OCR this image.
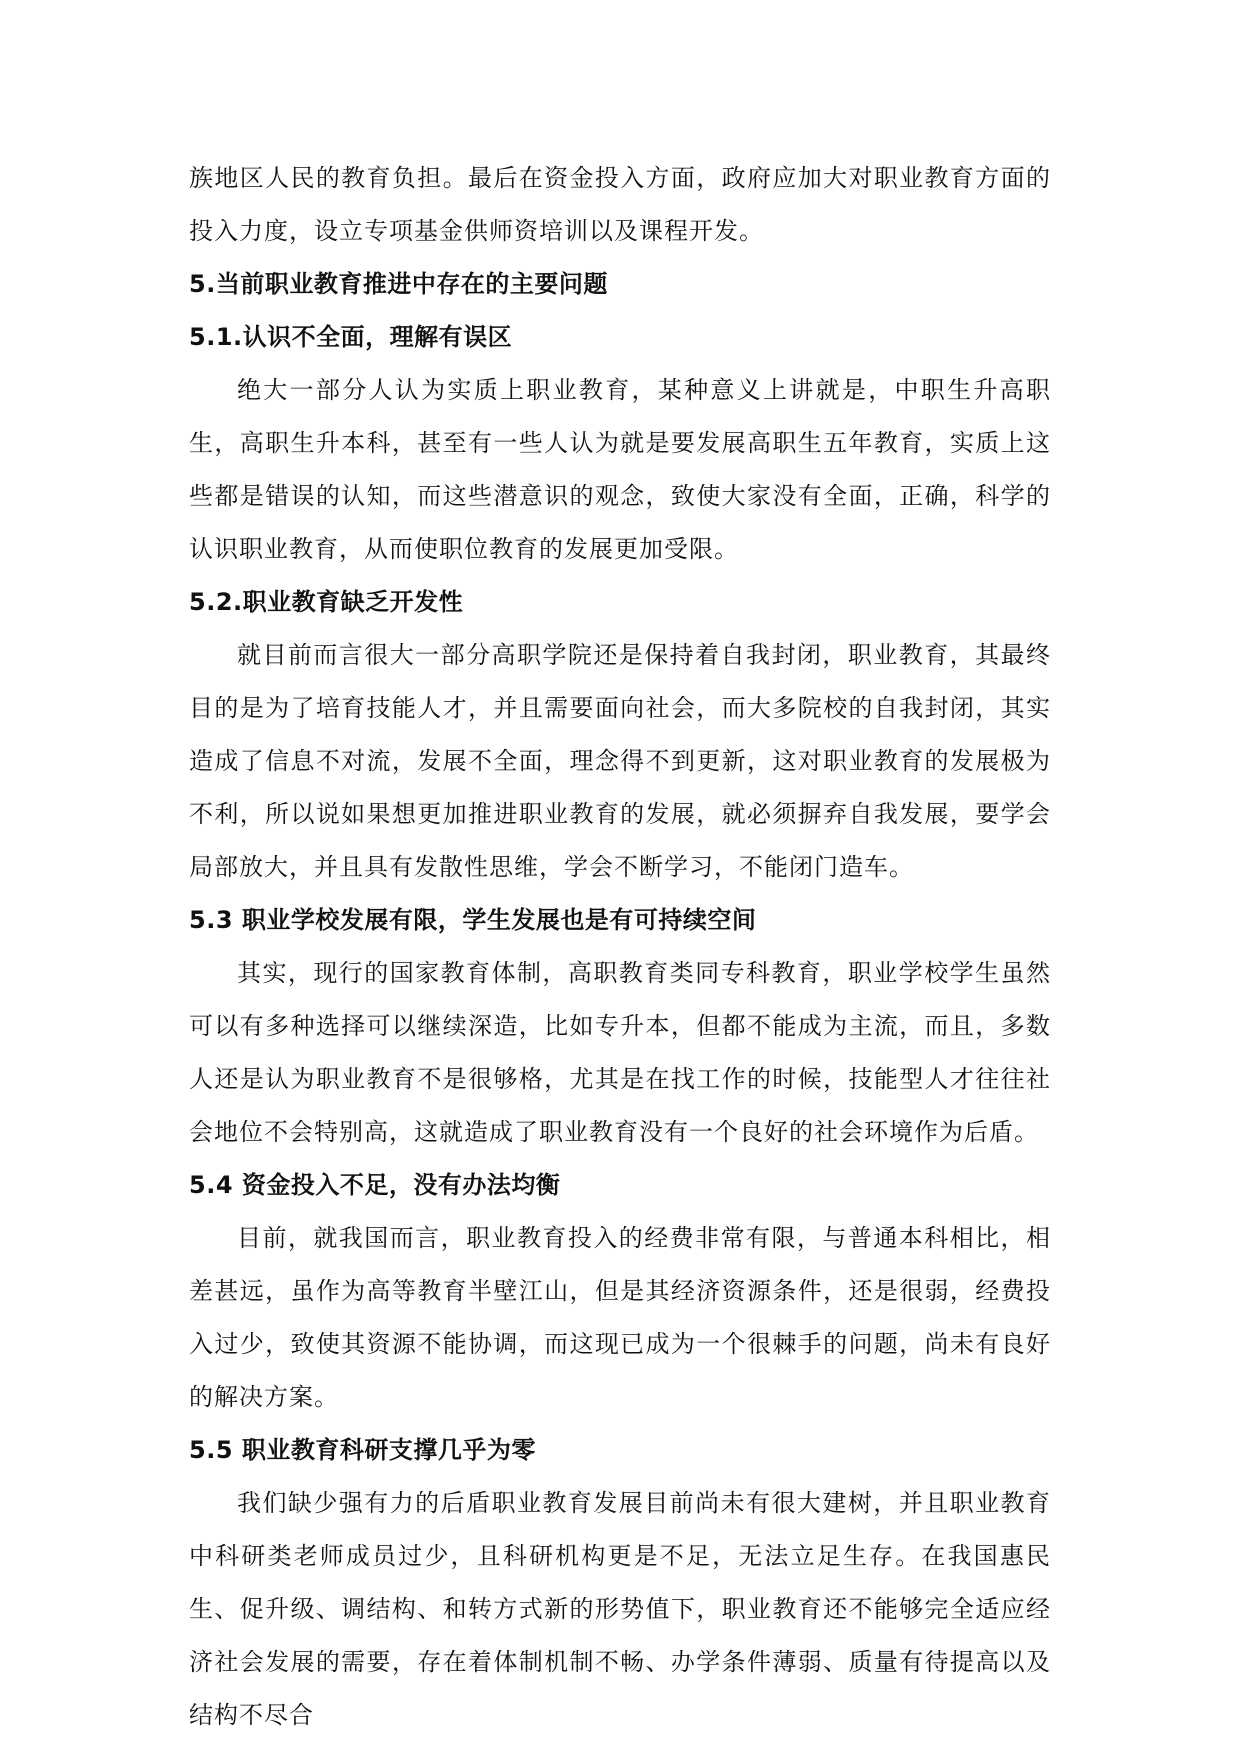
族地区人民的教育负担。最后在资金投入方面，政府应加大对职业教育方面的投入力度，设立专项基金供师资培训以及课程开发。

5.当前职业教育推进中存在的主要问题
5.1.认识不全面，理解有误区

绝大一部分人认为实质上职业教育，某种意义上讲就是，中职生升高职生，高职生升本科，甚至有一些人认为就是要发展高职生五年教育，实质上这些都是错误的认知，而这些潜意识的观念，致使大家没有全面，正确，科学的认识职业教育，从而使职位教育的发展更加受限。

5.2.职业教育缺乏开发性

就目前而言很大一部分高职学院还是保持着自我封闭，职业教育，其最终目的是为了培育技能人才，并且需要面向社会，而大多院校的自我封闭，其实造成了信息不对流，发展不全面，理念得不到更新，这对职业教育的发展极为不利，所以说如果想更加推进职业教育的发展，就必须摒弃自我发展，要学会局部放大，并且具有发散性思维，学会不断学习，不能闭门造车。

5.3 职业学校发展有限，学生发展也是有可持续空间

其实，现行的国家教育体制，高职教育类同专科教育，职业学校学生虽然可以有多种选择可以继续深造，比如专升本，但都不能成为主流，而且，多数人还是认为职业教育不是很够格，尤其是在找工作的时候，技能型人才往往社会地位不会特别高，这就造成了职业教育没有一个良好的社会环境作为后盾。

5.4 资金投入不足，没有办法均衡

目前，就我国而言，职业教育投入的经费非常有限，与普通本科相比，相差甚远，虽作为高等教育半壁江山，但是其经济资源条件，还是很弱，经费投入过少，致使其资源不能协调，而这现已成为一个很棘手的问题，尚未有良好的解决方案。

5.5 职业教育科研支撑几乎为零

我们缺少强有力的后盾职业教育发展目前尚未有很大建树，并且职业教育中科研类老师成员过少，且科研机构更是不足，无法立足生存。在我国惠民生、促升级、调结构、和转方式新的形势值下，职业教育还不能够完全适应经济社会发展的需要，存在着体制机制不畅、办学条件薄弱、质量有待提高以及结构不尽合
